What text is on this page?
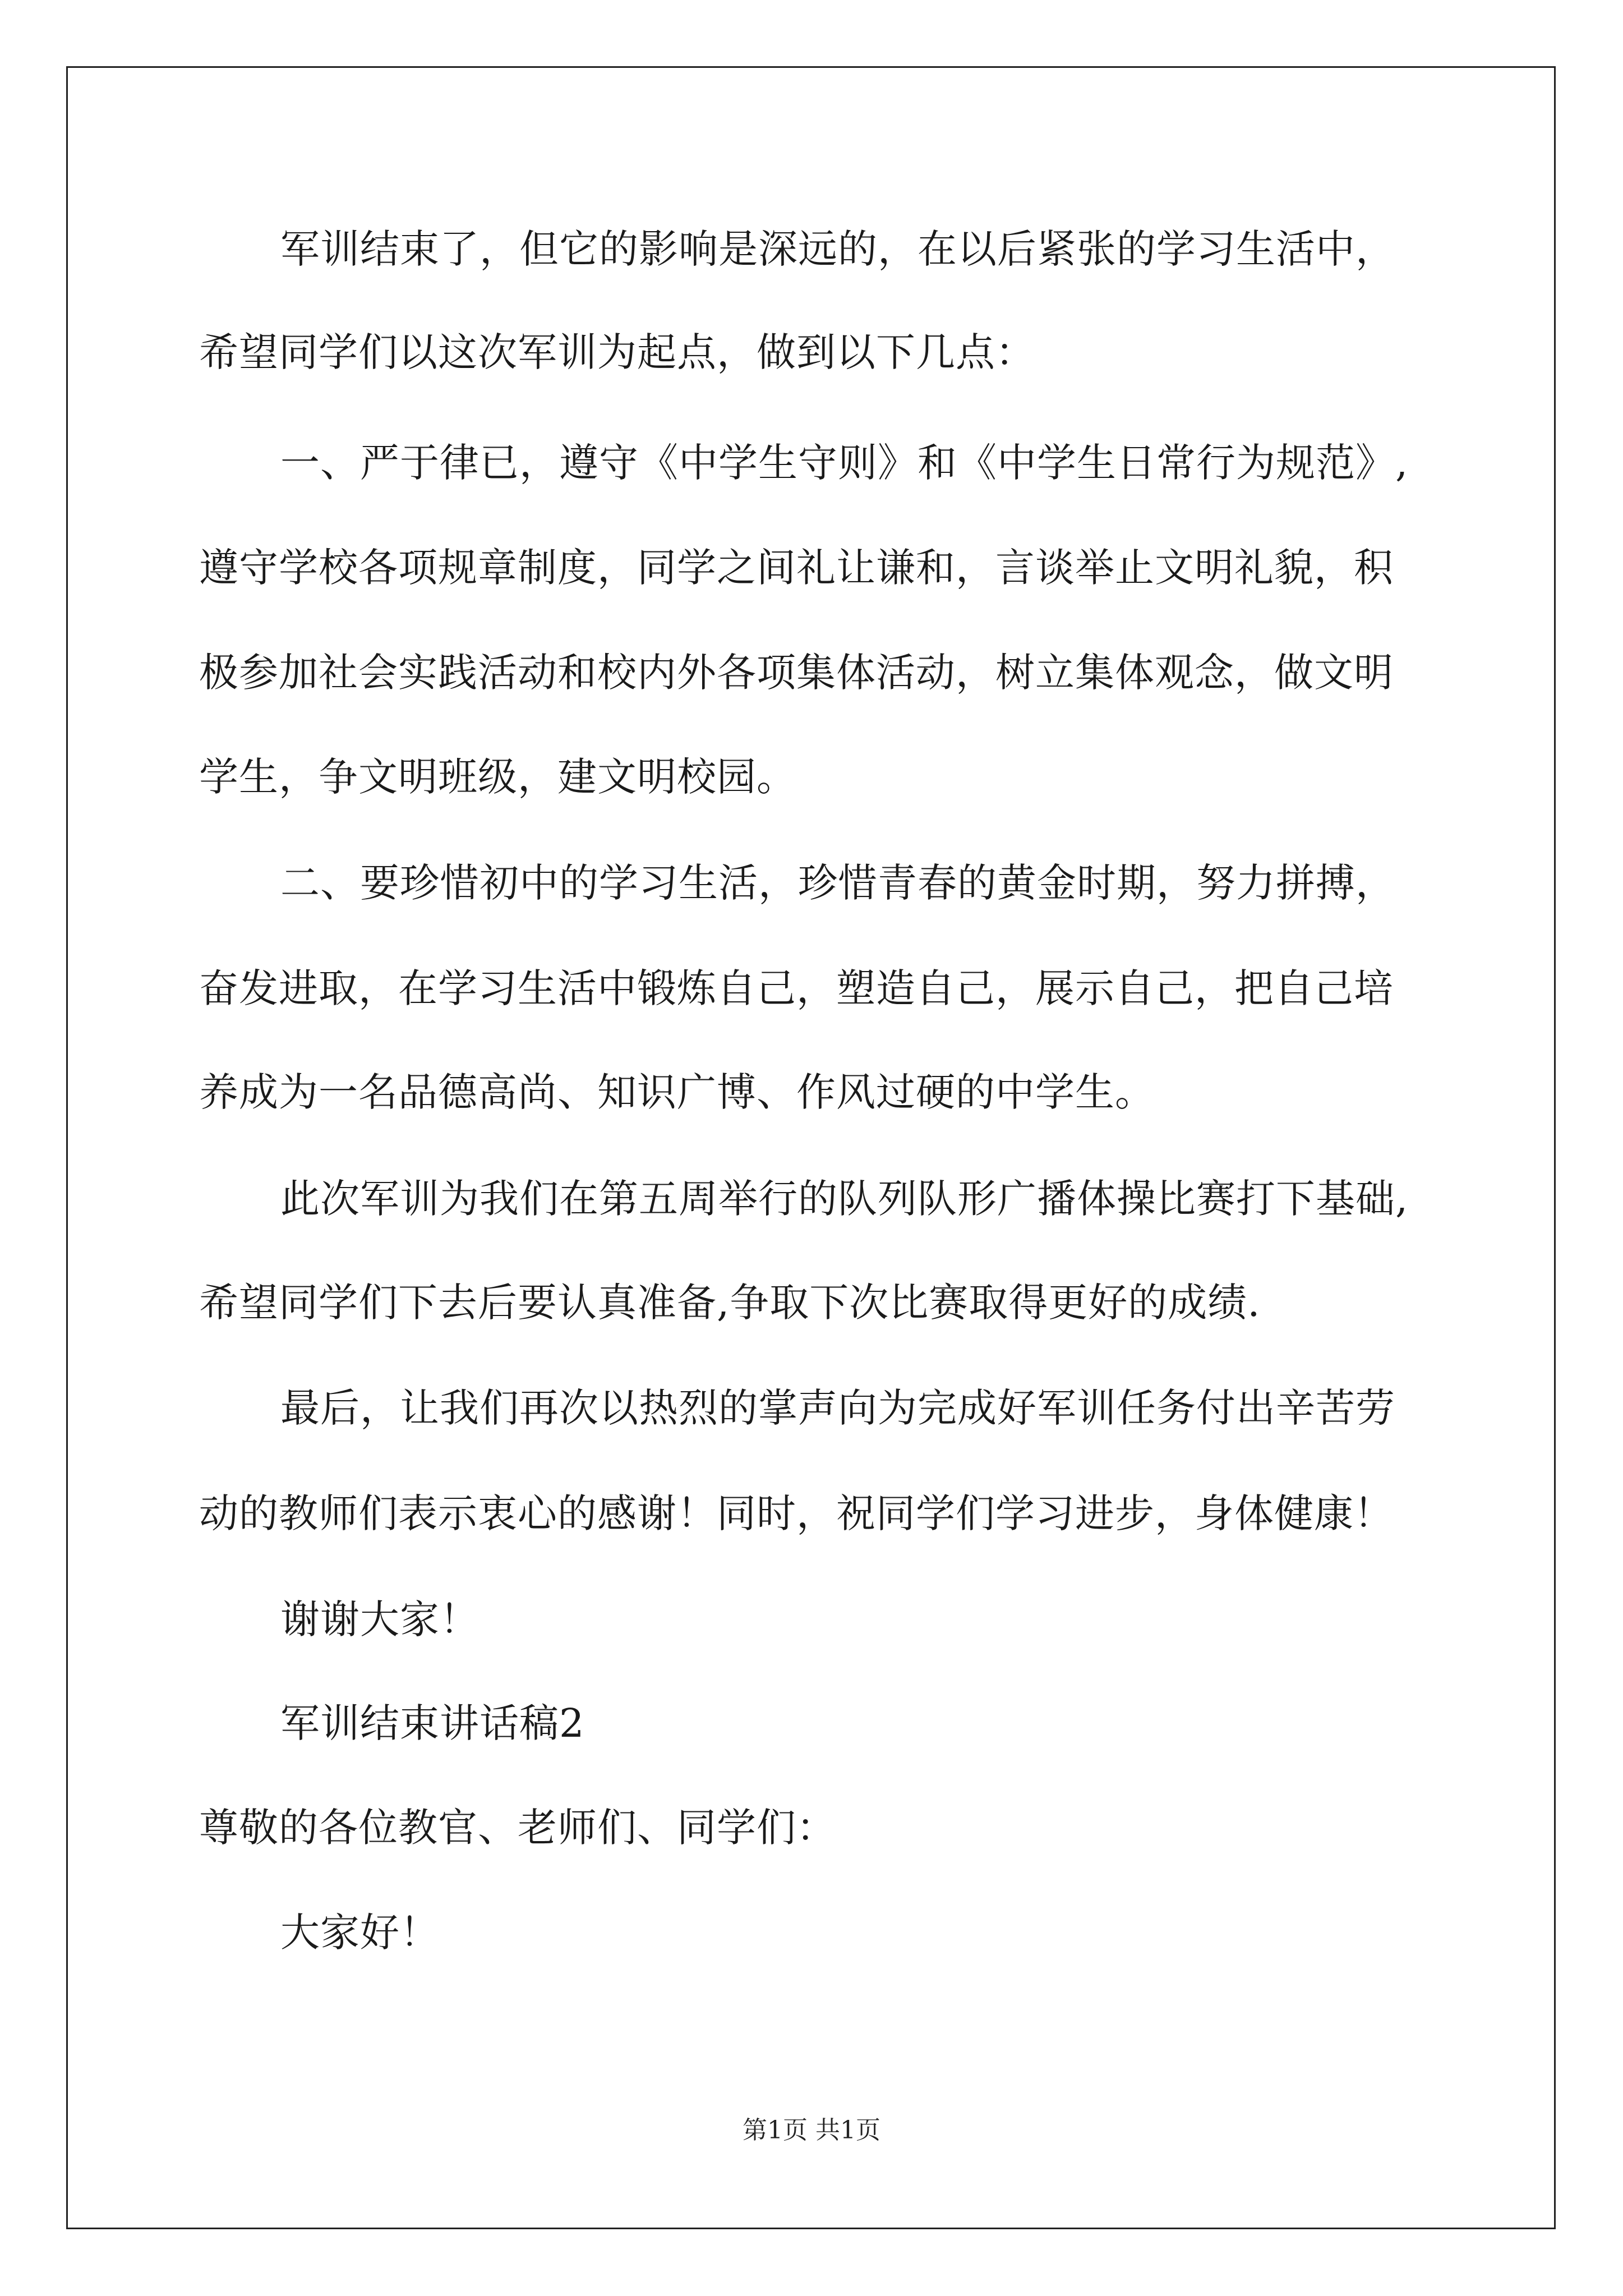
军训结束了，但它的影响是深远的，在以后紧张的学习生活中，
希望同学们以这次军训为起点，做到以下几点：
一、严于律已，遵守《中学生守则》和《中学生日常行为规范》,
遵守学校各项规章制度，同学之间礼让谦和，言谈举止文明礼貌，积
极参加社会实践活动和校内外各项集体活动，树立集体观念，做文明
学生，争文明班级，建文明校园。
二、要珍惜初中的学习生活，珍惜青春的黄金时期，努力拼搏，
奋发进取，在学习生活中锻炼自己，塑造自己，展示自己，把自己培
养成为一名品德高尚、知识广博、作风过硬的中学生。
此次军训为我们在第五周举行的队列队形广播体操比赛打下基础,
希望同学们下去后要认真准备,争取下次比赛取得更好的成绩.
最后，让我们再次以热烈的掌声向为完成好军训任务付出辛苦劳
动的教师们表示衷心的感谢！同时，祝同学们学习进步，身体健康！
谢谢大家！
军训结束讲话稿2
尊敬的各位教官、老师们、同学们：
大家好！
第1页 共1页
